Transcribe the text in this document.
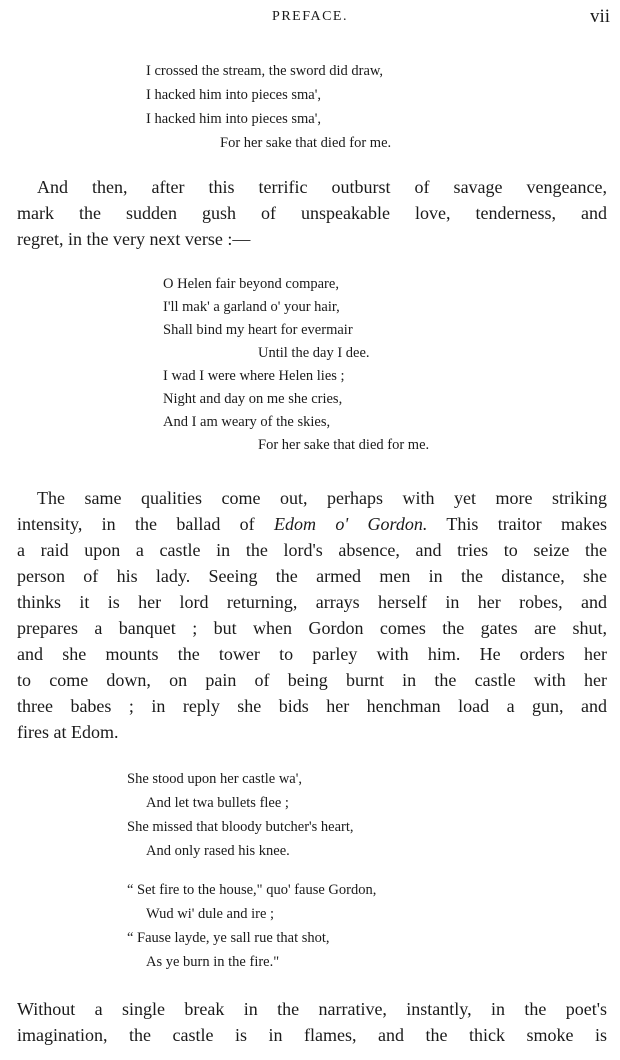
PREFACE.	vii
I crossed the stream, the sword did draw,
I hacked him into pieces sma',
I hacked him into pieces sma',
For her sake that died for me.
And then, after this terrific outburst of savage vengeance,
mark the sudden gush of unspeakable love, tenderness, and
regret, in the very next verse :—
O Helen fair beyond compare,
I'll mak' a garland o' your hair,
Shall bind my heart for evermair
Until the day I dee.
I wad I were where Helen lies ;
Night and day on me she cries,
And I am weary of the skies,
For her sake that died for me.
The same qualities come out, perhaps with yet more striking
intensity, in the ballad of Edom o' Gordon. This traitor makes
a raid upon a castle in the lord's absence, and tries to seize the
person of his lady. Seeing the armed men in the distance, she
thinks it is her lord returning, arrays herself in her robes, and
prepares a banquet ; but when Gordon comes the gates are shut,
and she mounts the tower to parley with him. He orders her
to come down, on pain of being burnt in the castle with her
three babes ; in reply she bids her henchman load a gun, and
fires at Edom.
She stood upon her castle wa',
And let twa bullets flee ;
She missed that bloody butcher's heart,
And only rased his knee.
“ Set fire to the house," quo' fause Gordon,
Wud wi' dule and ire ;
“ Fause layde, ye sall rue that shot,
As ye burn in the fire."
Without a single break in the narrative, instantly, in the poet's
imagination, the castle is in flames, and the thick smoke is
